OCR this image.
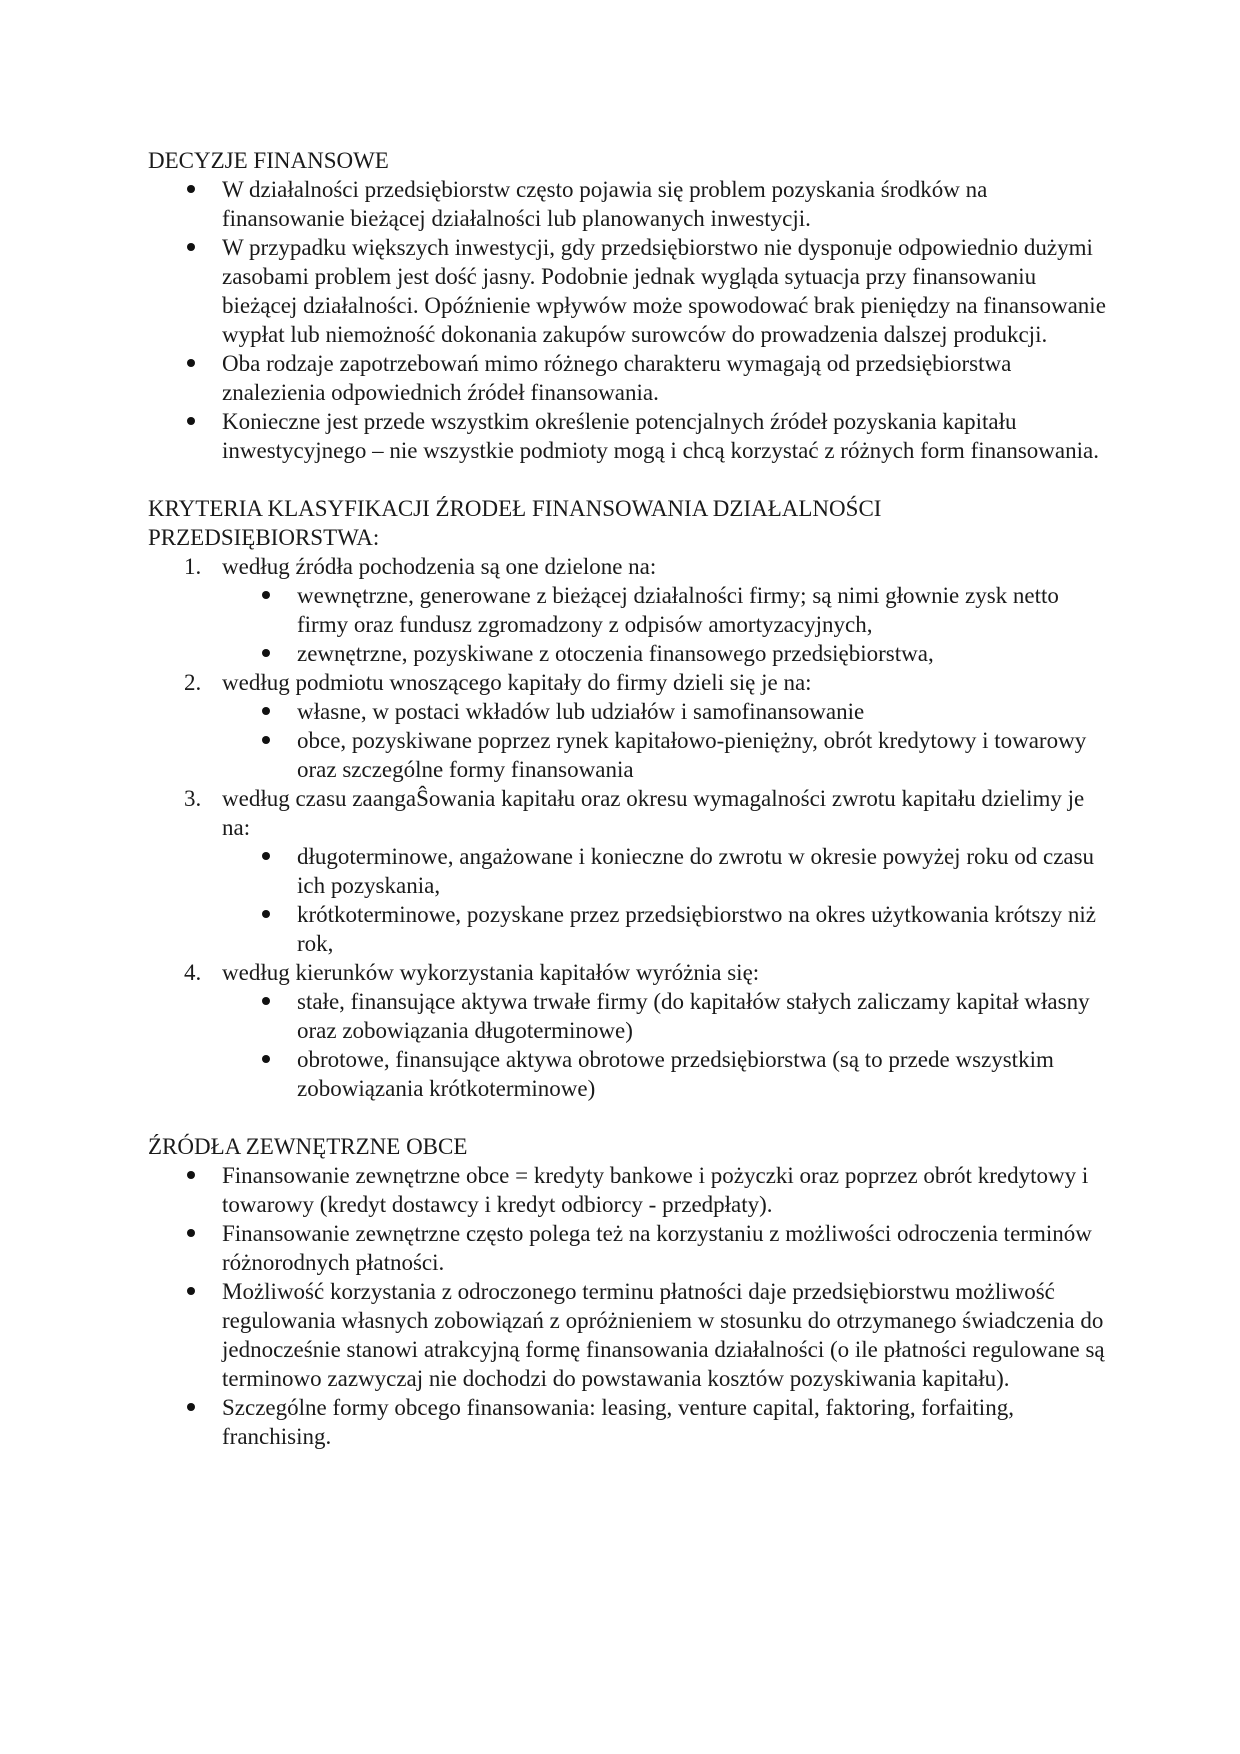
DECYZJE FINANSOWE
W działalności przedsiębiorstw często pojawia się problem pozyskania środków na finansowanie bieżącej działalności lub planowanych inwestycji.
W przypadku większych inwestycji, gdy przedsiębiorstwo nie dysponuje odpowiednio dużymi zasobami problem jest dość jasny. Podobnie jednak wygląda sytuacja przy finansowaniu bieżącej działalności. Opóźnienie wpływów może spowodować brak pieniędzy na finansowanie wypłat lub niemożność dokonania zakupów surowców do prowadzenia dalszej produkcji.
Oba rodzaje zapotrzebowań mimo różnego charakteru wymagają od przedsiębiorstwa znalezienia odpowiednich źródeł finansowania.
Konieczne jest przede wszystkim określenie potencjalnych źródeł pozyskania kapitału inwestycyjnego – nie wszystkie podmioty mogą i chcą korzystać z różnych form finansowania.
KRYTERIA KLASYFIKACJI ŹRODEŁ FINANSOWANIA DZIAŁALNOŚCI
PRZEDSIĘBIORSTWA:
1. według źródła pochodzenia są one dzielone na:
wewnętrzne, generowane z bieżącej działalności firmy; są nimi głownie zysk netto firmy oraz fundusz zgromadzony z odpisów amortyzacyjnych,
zewnętrzne, pozyskiwane z otoczenia finansowego przedsiębiorstwa,
2. według podmiotu wnoszącego kapitały do firmy dzieli się je na:
własne, w postaci wkładów lub udziałów i samofinansowanie
obce, pozyskiwane poprzez rynek kapitałowo-pieniężny, obrót kredytowy i towarowy oraz szczególne formy finansowania
3. według czasu zaangaŜowania kapitału oraz okresu wymagalności zwrotu kapitału dzielimy je na:
długoterminowe, angażowane i konieczne do zwrotu w okresie powyżej roku od czasu ich pozyskania,
krótkoterminowe, pozyskane przez przedsiębiorstwo na okres użytkowania krótszy niż rok,
4. według kierunków wykorzystania kapitałów wyróżnia się:
stałe, finansujące aktywa trwałe firmy (do kapitałów stałych zaliczamy kapitał własny oraz zobowiązania długoterminowe)
obrotowe, finansujące aktywa obrotowe przedsiębiorstwa (są to przede wszystkim zobowiązania krótkoterminowe)
ŹRÓDŁA ZEWNĘTRZNE OBCE
Finansowanie zewnętrzne obce = kredyty bankowe i pożyczki oraz poprzez obrót kredytowy i towarowy (kredyt dostawcy i kredyt odbiorcy - przedpłaty).
Finansowanie zewnętrzne często polega też na korzystaniu z możliwości odroczenia terminów różnorodnych płatności.
Możliwość korzystania z odroczonego terminu płatności daje przedsiębiorstwu możliwość regulowania własnych zobowiązań z opróżnieniem w stosunku do otrzymanego świadczenia do jednocześnie stanowi atrakcyjną formę finansowania działalności (o ile płatności regulowane są terminowo zazwyczaj nie dochodzi do powstawania kosztów pozyskiwania kapitału).
Szczególne formy obcego finansowania: leasing, venture capital, faktoring, forfaiting, franchising.
